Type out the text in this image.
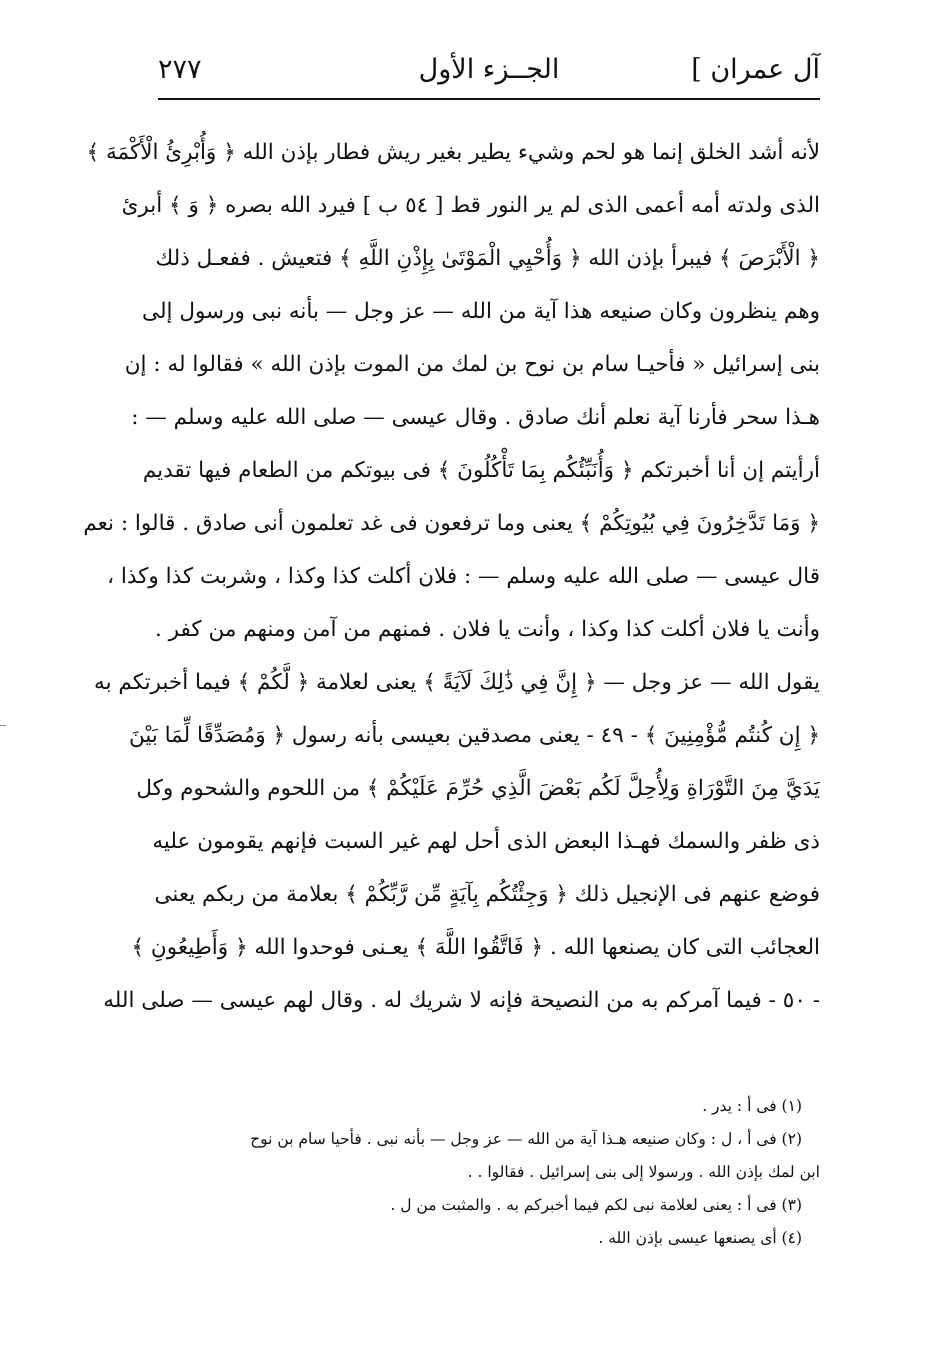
آل عمران ]
الجــزء الأول
٢٧٧
لأنه أشد الخلق إنما هو لحم وشيء يطير بغير ريش فطار بإذن الله ﴿ وَأُبْرِئُ الْأَكْمَهَ ﴾
الذى ولدته أمه أعمى الذى لم ير النور قط [ ٥٤ ب ] فيرد الله بصره ﴿ وَ ﴾ أبرئ
﴿ الْأَبْرَصَ ﴾ فيبرأ بإذن الله ﴿ وَأُحْيِي الْمَوْتَىٰ بِإِذْنِ اللَّهِ ﴾ فتعيش . ففعـل ذلك
وهم ينظرون وكان صنيعه هذا آية من الله — عز وجل — بأنه نبى ورسول إلى
بنى إسرائيل « فأحيـا سام بن نوح بن لمك من الموت بإذن الله » فقالوا له : إن
هـذا سحر فأرنا آية نعلم أنك صادق . وقال عيسى — صلى الله عليه وسلم — :
أرأيتم إن أنا أخبرتكم ﴿ وَأُنَبِّئُكُم بِمَا تَأْكُلُونَ ﴾ فى بيوتكم من الطعام فيها تقديم
﴿ وَمَا تَدَّخِرُونَ فِي بُيُوتِكُمْ ﴾ يعنى وما ترفعون فى غد تعلمون أنى صادق . قالوا : نعم
قال عيسى — صلى الله عليه وسلم — : فلان أكلت كذا وكذا ، وشربت كذا وكذا ،
وأنت يا فلان أكلت كذا وكذا ، وأنت يا فلان . فمنهم من آمن ومنهم من كفر .
يقول الله — عز وجل — ﴿ إِنَّ فِي ذَٰلِكَ لَآيَةً ﴾ يعنى لعلامة ﴿ لَّكُمْ ﴾ فيما أخبرتكم به
﴿ إِن كُنتُم مُّؤْمِنِينَ ﴾ - ٤٩ - يعنى مصدقين بعيسى بأنه رسول ﴿ وَمُصَدِّقًا لِّمَا بَيْنَ
يَدَيَّ مِنَ التَّوْرَاةِ وَلِأُحِلَّ لَكُم بَعْضَ الَّذِي حُرِّمَ عَلَيْكُمْ ﴾ من اللحوم والشحوم وكل
ذى ظفر والسمك فهـذا البعض الذى أحل لهم غير السبت فإنهم يقومون عليه
فوضع عنهم فى الإنجيل ذلك ﴿ وَجِئْتُكُم بِآيَةٍ مِّن رَّبِّكُمْ ﴾ بعلامة من ربكم يعنى
العجائب التى كان يصنعها الله . ﴿ فَاتَّقُوا اللَّهَ ﴾ يعـنى فوحدوا الله ﴿ وَأَطِيعُونِ ﴾
- ٥٠ - فيما آمركم به من النصيحة فإنه لا شريك له . وقال لهم عيسى — صلى الله
(١) فى أ : يدر .
(٢) فى أ ، ل : وكان صنيعه هـذا آية من الله — عز وجل — بأنه نبى . فأحيا سام بن نوح
ابن لمك بإذن الله . ورسولا إلى بنى إسرائيل . فقالوا . .
(٣) فى أ : يعنى لعلامة نبى لكم فيما أخبركم به . والمثبت من ل .
(٤) أى يصنعها عيسى بإذن الله .
